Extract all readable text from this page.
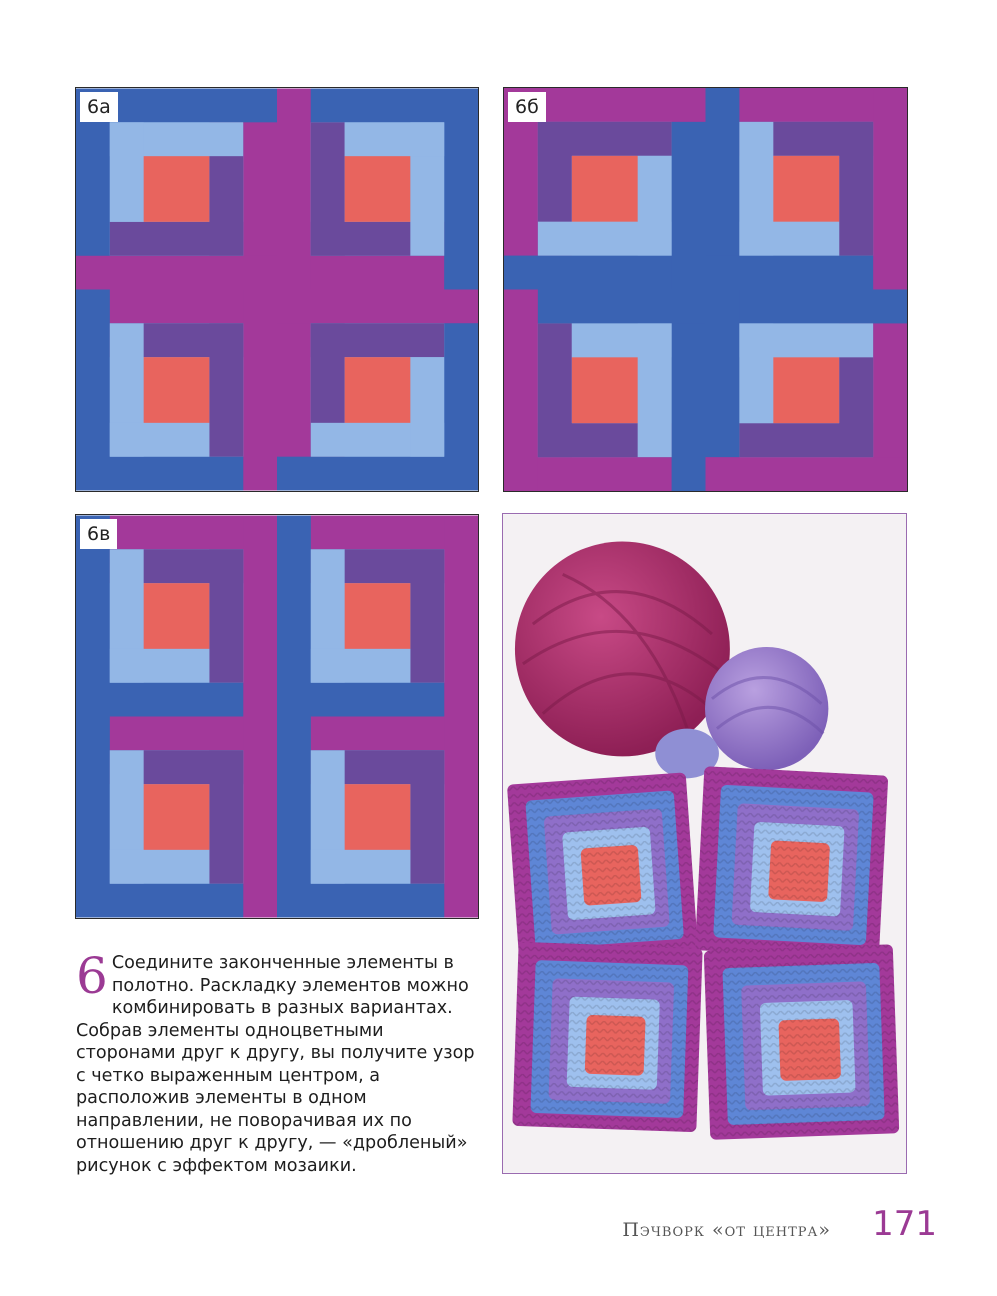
6а	6б
6в
6 Соедините законченные элементы в полотно. Раскладку элементов можно комбинировать в разных вариантах. Собрав элементы одноцветными сторонами друг к другу, вы получите узор с четко выраженным центром, а расположив элементы в одном направлении, не поворачивая их по отношению друг к другу, — «дробленый» рисунок с эффектом мозаики.
Пэчворк «от центра» 171
